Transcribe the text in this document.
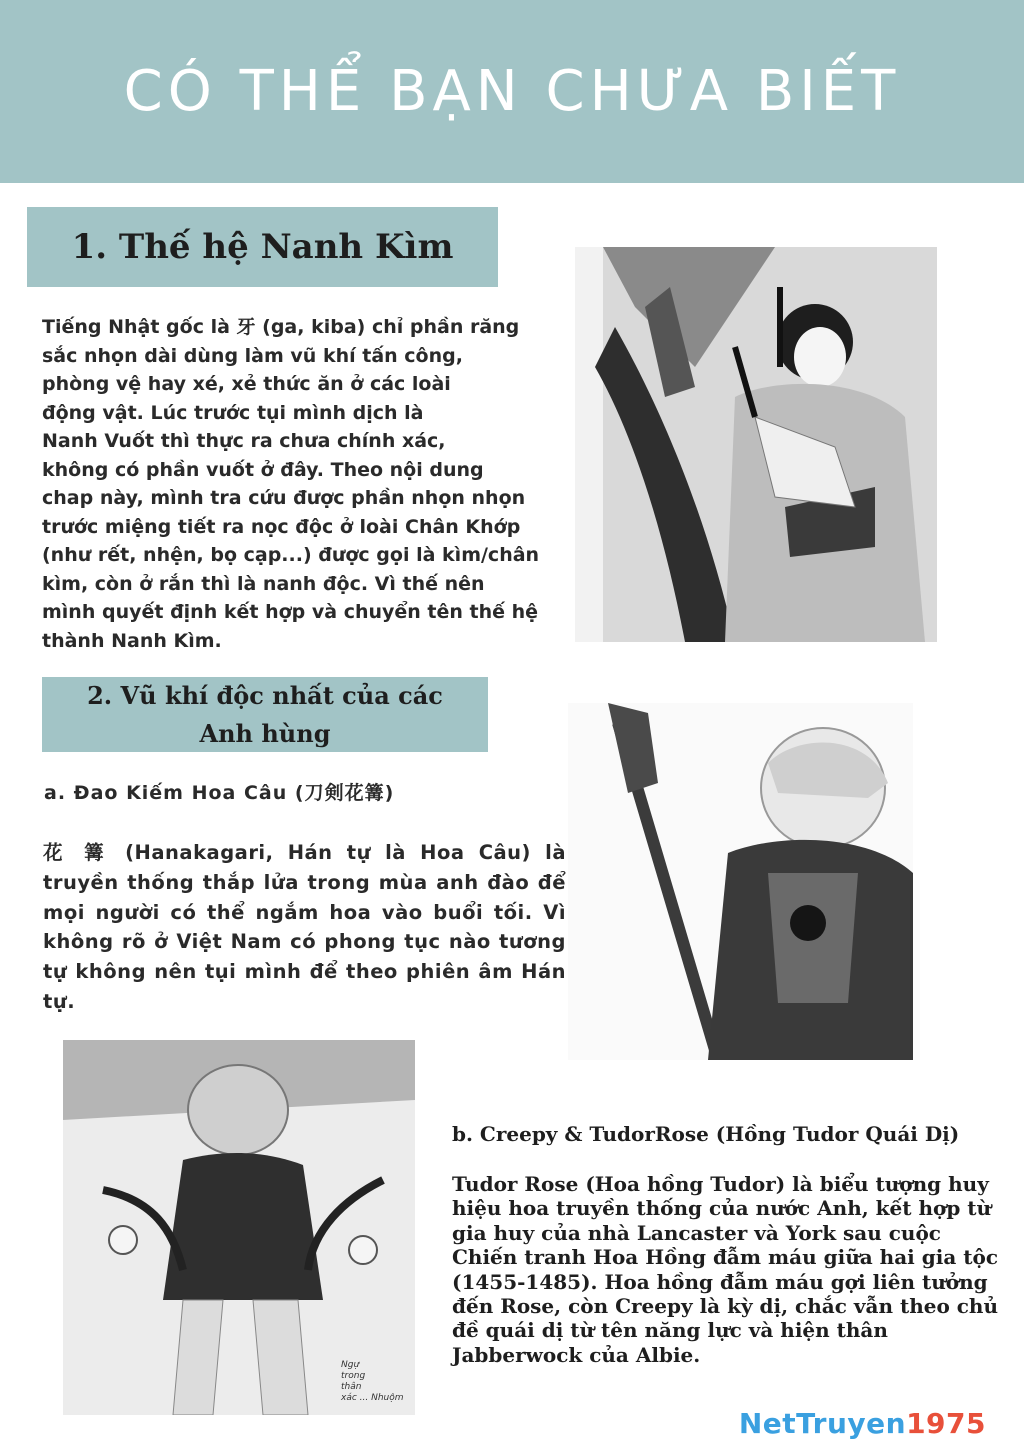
CÓ THỂ BẠN CHƯA BIẾT
1. Thế hệ Nanh Kìm
Tiếng Nhật gốc là 牙 (ga, kiba) chỉ phần răng
sắc nhọn dài dùng làm vũ khí tấn công,
phòng vệ hay xé, xẻ thức ăn ở các loài
động vật. Lúc trước tụi mình dịch là
Nanh Vuốt thì thực ra chưa chính xác,
không có phần vuốt ở đây. Theo nội dung
chap này, mình tra cứu được phần nhọn nhọn
trước miệng tiết ra nọc độc ở loài Chân Khớp
(như rết, nhện, bọ cạp...) được gọi là kìm/chân
kìm, còn ở rắn thì là nanh độc. Vì thế nên
mình quyết định kết hợp và chuyển tên thế hệ
thành Nanh Kìm.
2. Vũ khí độc nhất của các
Anh hùng
a. Đao Kiếm Hoa Câu (刀剣花篝)
花 篝 (Hanakagari, Hán tự là Hoa Câu) là truyền thống thắp lửa trong mùa anh đào để mọi người có thể ngắm hoa vào buổi tối. Vì không rõ ở Việt Nam có phong tục nào tương tự không nên tụi mình để theo phiên âm Hán tự.
Ngự
trong
thân
xác ... Nhuộm
b. Creepy & TudorRose (Hồng Tudor Quái Dị)
Tudor Rose (Hoa hồng Tudor) là biểu tượng huy hiệu hoa truyền thống của nước Anh, kết hợp từ gia huy của nhà Lancaster và York sau cuộc Chiến tranh Hoa Hồng đẫm máu giữa hai gia tộc (1455-1485). Hoa hồng đẫm máu gợi liên tưởng đến Rose, còn Creepy là kỳ dị, chắc vẫn theo chủ đề quái dị từ tên năng lực và hiện thân Jabberwock của Albie.
NetTruyen1975
